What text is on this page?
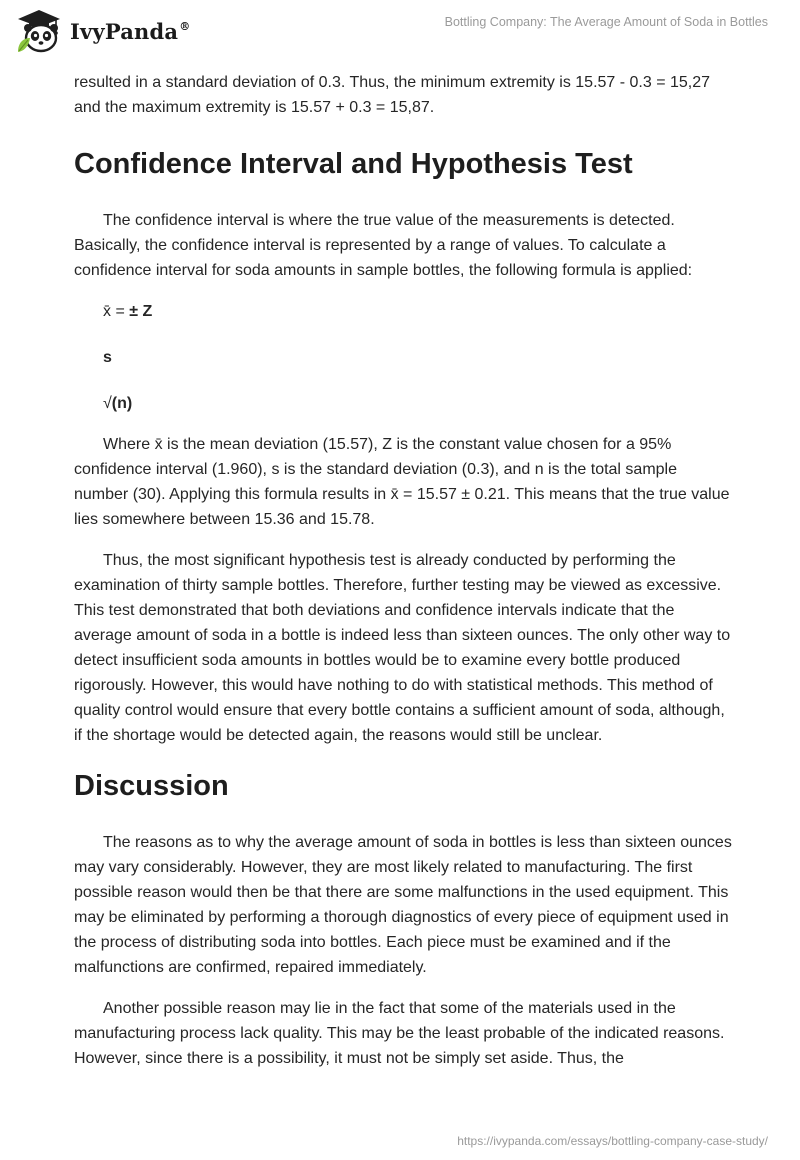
IvyPanda®	Bottling Company: The Average Amount of Soda in Bottles

resulted in a standard deviation of 0.3. Thus, the minimum extremity is 15.57 - 0.3 = 15,27 and the maximum extremity is 15.57 + 0.3 = 15,87.

Confidence Interval and Hypothesis Test

The confidence interval is where the true value of the measurements is detected. Basically, the confidence interval is represented by a range of values. To calculate a confidence interval for soda amounts in sample bottles, the following formula is applied:

x̄ = ± Z

s

√(n)

Where x̄ is the mean deviation (15.57), Z is the constant value chosen for a 95% confidence interval (1.960), s is the standard deviation (0.3), and n is the total sample number (30). Applying this formula results in x̄ = 15.57 ± 0.21. This means that the true value lies somewhere between 15.36 and 15.78.

Thus, the most significant hypothesis test is already conducted by performing the examination of thirty sample bottles. Therefore, further testing may be viewed as excessive. This test demonstrated that both deviations and confidence intervals indicate that the average amount of soda in a bottle is indeed less than sixteen ounces. The only other way to detect insufficient soda amounts in bottles would be to examine every bottle produced rigorously. However, this would have nothing to do with statistical methods. This method of quality control would ensure that every bottle contains a sufficient amount of soda, although, if the shortage would be detected again, the reasons would still be unclear.

Discussion

The reasons as to why the average amount of soda in bottles is less than sixteen ounces may vary considerably. However, they are most likely related to manufacturing. The first possible reason would then be that there are some malfunctions in the used equipment. This may be eliminated by performing a thorough diagnostics of every piece of equipment used in the process of distributing soda into bottles. Each piece must be examined and if the malfunctions are confirmed, repaired immediately.

Another possible reason may lie in the fact that some of the materials used in the manufacturing process lack quality. This may be the least probable of the indicated reasons. However, since there is a possibility, it must not be simply set aside. Thus, the

https://ivypanda.com/essays/bottling-company-case-study/
